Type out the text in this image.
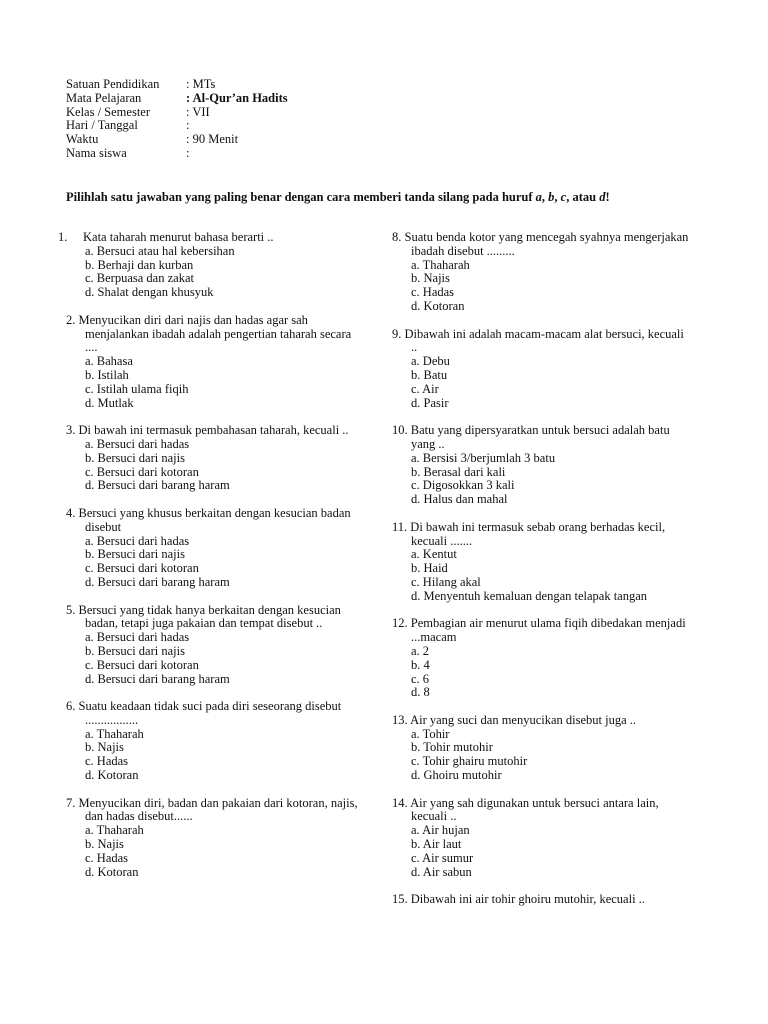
Satuan Pendidikan	: MTs
Mata Pelajaran	: Al-Qur’an Hadits
Kelas / Semester	: VII
Hari / Tanggal	:
Waktu	: 90 Menit
Nama siswa	:
Pilihlah satu jawaban yang paling benar dengan cara memberi tanda silang pada huruf a, b, c, atau d!
1. Kata taharah menurut bahasa berarti ..
a. Bersuci atau hal kebersihan
b. Berhaji dan kurban
c. Berpuasa dan zakat
d. Shalat dengan khusyuk
2. Menyucikan diri dari najis dan hadas agar sah menjalankan ibadah adalah pengertian taharah secara ....
a. Bahasa
b. Istilah
c. Istilah ulama fiqih
d. Mutlak
3. Di bawah ini termasuk pembahasan taharah, kecuali ..
a. Bersuci dari hadas
b. Bersuci dari najis
c. Bersuci dari kotoran
d. Bersuci dari barang haram
4. Bersuci yang khusus berkaitan dengan kesucian badan disebut
a. Bersuci dari hadas
b. Bersuci dari najis
c. Bersuci dari kotoran
d. Bersuci dari barang haram
5. Bersuci yang tidak hanya berkaitan dengan kesucian badan, tetapi juga pakaian dan tempat disebut ..
a. Bersuci dari hadas
b. Bersuci dari najis
c. Bersuci dari kotoran
d. Bersuci dari barang haram
6. Suatu keadaan tidak suci pada diri seseorang disebut .................
a. Thaharah
b. Najis
c. Hadas
d. Kotoran
7. Menyucikan diri, badan dan pakaian dari kotoran, najis, dan hadas disebut......
a. Thaharah
b. Najis
c. Hadas
d. Kotoran
8. Suatu benda kotor yang mencegah syahnya mengerjakan ibadah disebut .........
a. Thaharah
b. Najis
c. Hadas
d. Kotoran
9. Dibawah ini adalah macam-macam alat bersuci, kecuali ..
a. Debu
b. Batu
c. Air
d. Pasir
10. Batu yang dipersyaratkan untuk bersuci adalah batu yang ..
a. Bersisi 3/berjumlah 3 batu
b. Berasal dari kali
c. Digosokkan 3 kali
d. Halus dan mahal
11. Di bawah ini termasuk sebab orang berhadas kecil, kecuali .......
a. Kentut
b. Haid
c. Hilang akal
d. Menyentuh kemaluan dengan telapak tangan
12. Pembagian air menurut ulama fiqih dibedakan menjadi ...macam
a. 2
b. 4
c. 6
d. 8
13. Air yang suci dan menyucikan disebut juga ..
a. Tohir
b. Tohir mutohir
c. Tohir ghairu mutohir
d. Ghoiru mutohir
14. Air yang sah digunakan untuk bersuci antara lain, kecuali ..
a. Air hujan
b. Air laut
c. Air sumur
d. Air sabun
15. Dibawah ini air tohir ghoiru mutohir, kecuali ..
